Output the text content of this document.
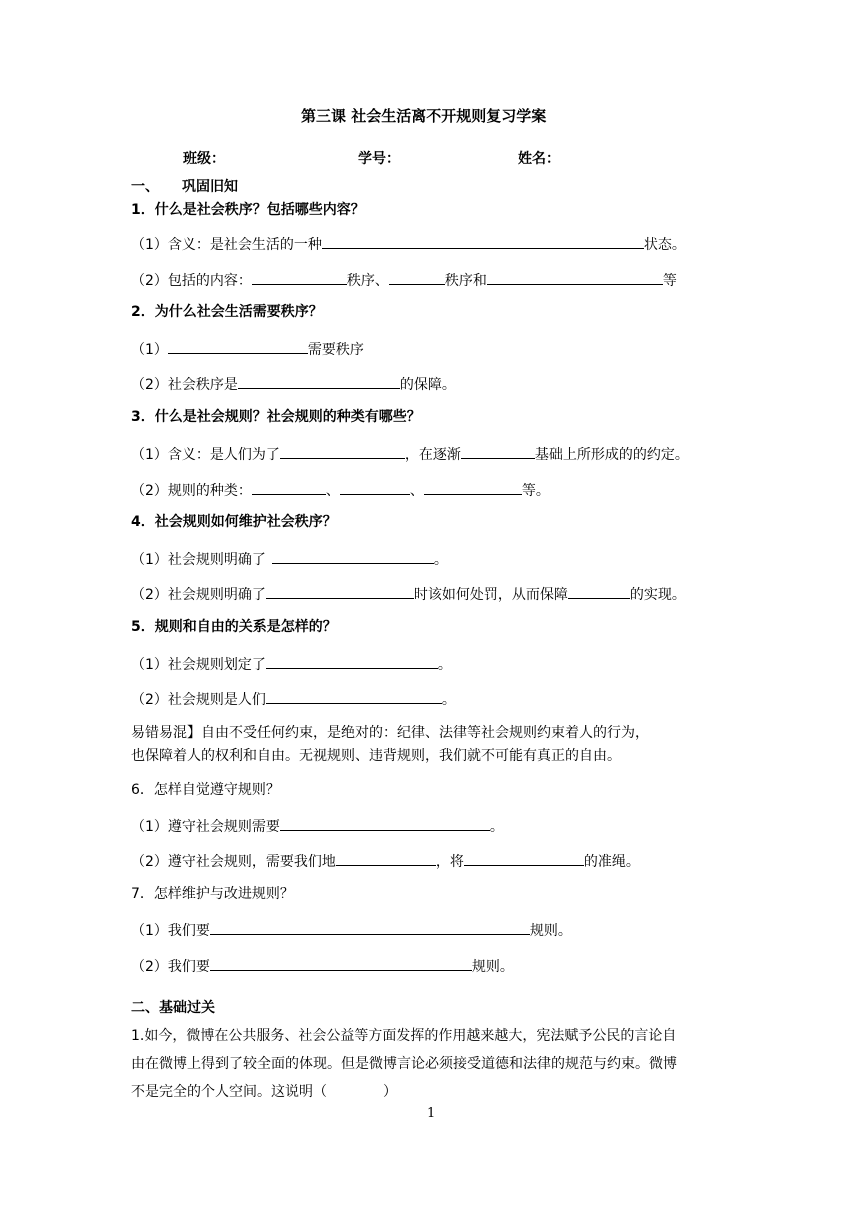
第三课 社会生活离不开规则复习学案
班级：	学号：	姓名：
一、 巩固旧知
1．什么是社会秩序？包括哪些内容？
（1）含义：是社会生活的一种	状态。
（2）包括的内容：	秩序、	秩序和	等
2．为什么社会生活需要秩序？
（1）	需要秩序
（2）社会秩序是	的保障。
3．什么是社会规则？社会规则的种类有哪些？
（1）含义：是人们为了	，在逐渐	基础上所形成的的约定。
（2）规则的种类：	、	、	等。
4．社会规则如何维护社会秩序？
（1）社会规则明确了	。
（2）社会规则明确了	时该如何处罚，从而保障	的实现。
5．规则和自由的关系是怎样的？
（1）社会规则划定了	。
（2）社会规则是人们	。
易错易混】自由不受任何约束，是绝对的：纪律、法律等社会规则约束着人的行为，
也保障着人的权利和自由。无视规则、违背规则，我们就不可能有真正的自由。
6．怎样自觉遵守规则？
（1）遵守社会规则需要	。
（2）遵守社会规则，需要我们地	，将	的准绳。
7．怎样维护与改进规则？
（1）我们要	规则。
（2）我们要	规则。
二、基础过关
1.如今，微博在公共服务、社会公益等方面发挥的作用越来越大，宪法赋予公民的言论自
由在微博上得到了较全面的体现。但是微博言论必须接受道德和法律的规范与约束。微博
不是完全的个人空间。这说明（　　　　）
1
